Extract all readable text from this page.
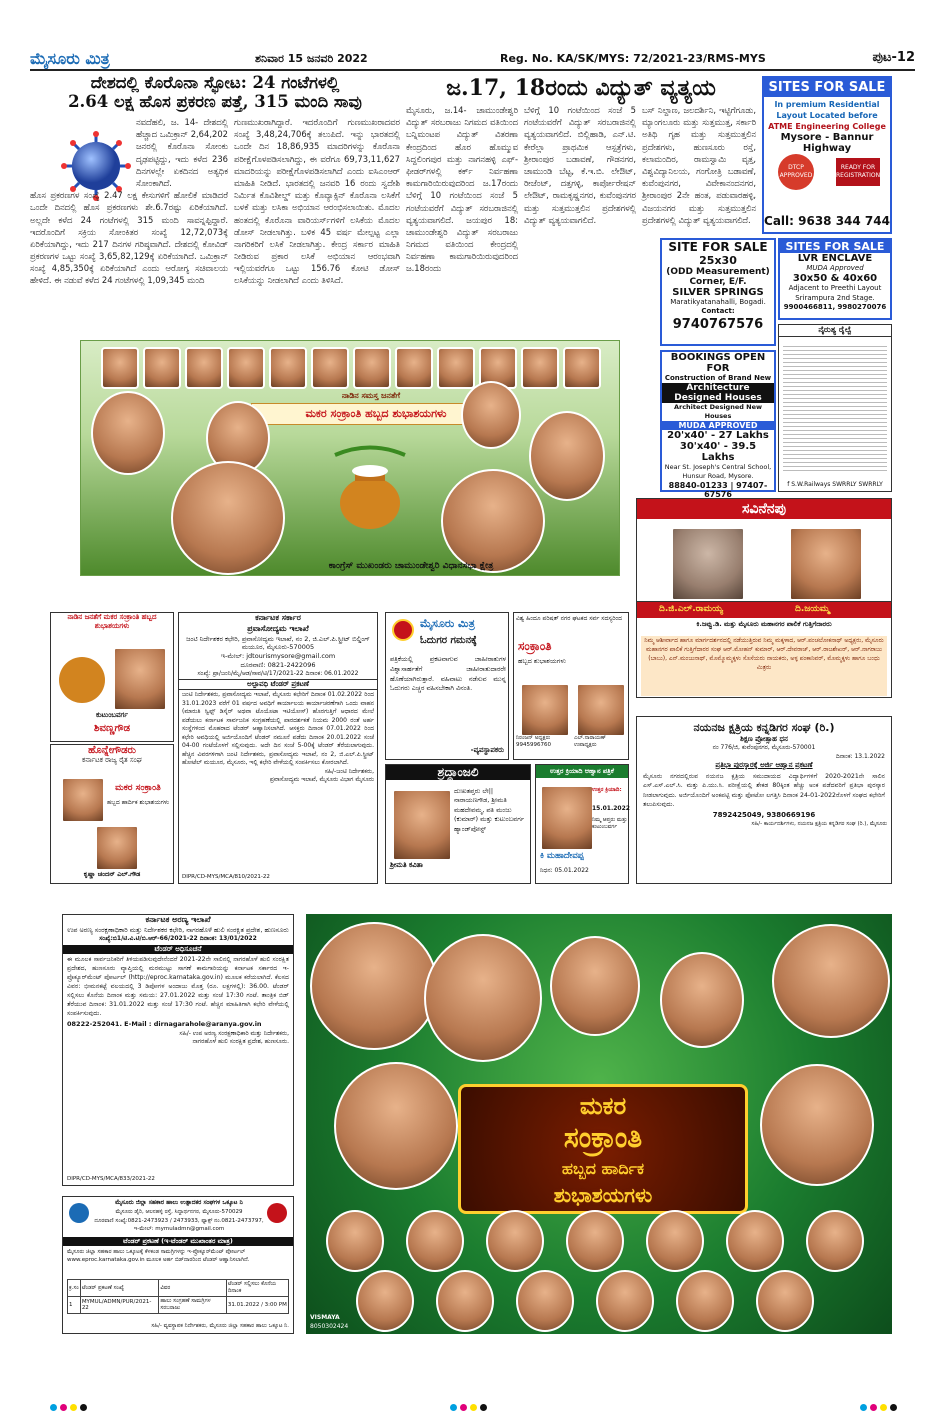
ಮೈಸೂರು ಮಿತ್ರ	ಶನಿವಾರ 15 ಜನವರಿ 2022	Reg. No. KA/SK/MYS: 72/2021-23/RMS-MYS	ಪುಟ-12
ದೇಶದಲ್ಲಿ ಕೊರೊನಾ ಸ್ಫೋಟ: 24 ಗಂಟೆಗಳಲ್ಲಿ
2.64 ಲಕ್ಷ ಹೊಸ ಪ್ರಕರಣ ಪತ್ತೆ, 315 ಮಂದಿ ಸಾವು
ನವದೆಹಲಿ, ಜ. 14- ದೇಶದಲ್ಲಿ ಹೆಚ್ಚಾದ ಒಮಿಕ್ರಾನ್ 2,64,202 ಜನರಲ್ಲಿ ಕೊರೊನಾ ಸೋಂಕು ದೃಢಪಟ್ಟಿದ್ದು, ಇದು ಕಳೆದ 236 ದಿನಗಳಲ್ಲೇ ಏಕದಿನದ ಅತ್ಯಧಿಕ ಸೋಂಕಾಗಿದೆ.
ಹೊಸ ಪ್ರಕರಣಗಳ ಸಂಖ್ಯೆ 2.47 ಲಕ್ಷ ಕೇಸುಗಳಿಗೆ ಹೋಲಿಕೆ ಮಾಡಿದರೆ ಒಂದೇ ದಿನದಲ್ಲಿ ಹೊಸ ಪ್ರಕರಣಗಳು ಶೇ.6.7ರಷ್ಟು ಏರಿಕೆಯಾಗಿದೆ. ಅಲ್ಲದೇ ಕಳೆದ 24 ಗಂಟೆಗಳಲ್ಲಿ 315 ಮಂದಿ ಸಾವನ್ನಪ್ಪಿದ್ದಾರೆ. ಇದರೊಂದಿಗೆ ಸಕ್ರಿಯ ಸೋಂಕಿತರ ಸಂಖ್ಯೆ 12,72,073ಕ್ಕೆ ಏರಿಕೆಯಾಗಿದ್ದು, ಇದು 217 ದಿನಗಳ ಗರಿಷ್ಠವಾಗಿದೆ. ದೇಶದಲ್ಲಿ ಕೋವಿಡ್ ಪ್ರಕರಣಗಳ ಒಟ್ಟು ಸಂಖ್ಯೆ 3,65,82,129ಕ್ಕೆ ಏರಿಕೆಯಾಗಿದೆ. ಒಮಿಕ್ರಾನ್ ಸಂಖ್ಯೆ 4,85,350ಕ್ಕೆ ಏರಿಕೆಯಾಗಿದೆ ಎಂದು ಆರೋಗ್ಯ ಸಚಿವಾಲಯ ಹೇಳಿದೆ. ಈ ನಡುವೆ ಕಳೆದ 24 ಗಂಟೆಗಳಲ್ಲಿ 1,09,345 ಮಂದಿ
ಗುಣಮುಖರಾಗಿದ್ದಾರೆ. ಇದರೊಂದಿಗೆ ಗುಣಮುಖರಾದವರ ಸಂಖ್ಯೆ 3,48,24,706ಕ್ಕೆ ತಲುಪಿದೆ. ಇನ್ನು ಭಾರತದಲ್ಲಿ ಒಂದೇ ದಿನ 18,86,935 ಮಾದರಿಗಳನ್ನು ಕೊರೊನಾ ಪರೀಕ್ಷೆಗೊಳಪಡಿಸಲಾಗಿದ್ದು, ಈ ವರೆಗೂ 69,73,11,627 ಮಾದರಿಯನ್ನು ಪರೀಕ್ಷೆಗೊಳಪಡಿಸಲಾಗಿದೆ ಎಂದು ಐಸಿಎಂಆರ್ ಮಾಹಿತಿ ನೀಡಿದೆ. ಭಾರತದಲ್ಲಿ ಜನವರಿ 16 ರಂದು ಸ್ವದೇಶಿ ನಿರ್ಮಿತ ಕೊವಿಶೀಲ್ಡ್ ಮತ್ತು ಕೊವ್ಯಾಕ್ಸಿನ್ ಕೊರೊನಾ ಲಸಿಕೆಗೆ ಬಳಕೆ ಮತ್ತು ಲಸಿಕಾ ಅಭಿಯಾನ ಆರಂಭಿಸಲಾಯಿತು. ಮೊದಲ ಹಂತದಲ್ಲಿ ಕೊರೊನಾ ವಾರಿಯರ್ಸ್‌ಗಳಿಗೆ ಲಸಿಕೆಯ ಮೊದಲ ಡೋಸ್ ನೀಡಲಾಗಿತ್ತು. ಬಳಿಕ 45 ವರ್ಷ ಮೇಲ್ಪಟ್ಟ ಎಲ್ಲಾ ನಾಗರಿಕರಿಗೆ ಲಸಿಕೆ ನೀಡಲಾಗಿತ್ತು. ಕೇಂದ್ರ ಸರ್ಕಾರ ಮಾಹಿತಿ ನೀಡಿರುವ ಪ್ರಕಾರ ಲಸಿಕೆ ಅಭಿಯಾನ ಆರಂಭವಾಗಿ ಇಲ್ಲಿಯವರೆಗೂ ಒಟ್ಟು 156.76 ಕೋಟಿ ಡೋಸ್ ಲಸಿಕೆಯನ್ನು ನೀಡಲಾಗಿದೆ ಎಂದು ತಿಳಿಸಿದೆ.
ಜ.17, 18ರಂದು ವಿದ್ಯುತ್ ವ್ಯತ್ಯಯ
ಮೈಸೂರು, ಜ.14- ಚಾಮುಂಡೇಶ್ವರಿ ವಿದ್ಯುತ್ ಸರಬರಾಜು ನಿಗಮದ ವತಿಯಿಂದ ಬನ್ನಿಮಂಟಪ ವಿದ್ಯುತ್ ವಿತರಣಾ ಕೇಂದ್ರದಿಂದ ಹೊರ ಹೊಮ್ಮುವ ಸಿದ್ದಲಿಂಗಪುರ ಮತ್ತು ನಾಗನಹಳ್ಳಿ ಎಫ್-ಫೀಡರ್‌ಗಳಲ್ಲಿ ಕರ್ಕ್ ನಿರ್ವಹಣಾ ಕಾಮಗಾರಿಯಿರುವುದರಿಂದ ಜ.17ರಂದು ಬೆಳಿಗ್ಗೆ 10 ಗಂಟೆಯಿಂದ ಸಂಜೆ 5 ಗಂಟೆಯವರೆಗೆ ವಿದ್ಯುತ್ ಸರಬರಾಜಿನಲ್ಲಿ ವ್ಯತ್ಯಯವಾಗಲಿದೆ. ಜಯಪುರ 18: ಚಾಮುಂಡೇಶ್ವರಿ ವಿದ್ಯುತ್ ಸರಬರಾಜು ನಿಗಮದ ವತಿಯಿಂದ ಕೇಂದ್ರದಲ್ಲಿ ನಿರ್ವಹಣಾ ಕಾಮಗಾರಿಯಿರುವುದರಿಂದ ಜ.18ರಂದು
ಬೆಳಿಗ್ಗೆ 10 ಗಂಟೆಯಿಂದ ಸಂಜೆ 5 ಗಂಟೆಯವರೆಗೆ ವಿದ್ಯುತ್ ಸರಬರಾಜಿನಲ್ಲಿ ವ್ಯತ್ಯಯವಾಗಲಿದೆ. ಬಿಲ್ಲಿಹಾಡಿ, ಎನ್.ಟಿ. ಕೇರೆಲ್ಲಾ ಪ್ರಾಥಮಿಕ ಆಸ್ಪತ್ರೆಗಳು, ಶ್ರೀರಾಂಪುರ ಬಡಾವಣೆ, ಗೌಡನಗರ, ಚಾಮುಂಡಿ ಬೆಟ್ಟ, ಕೆ.ಇ.ಬಿ. ಲೇಔಟ್, ರೀಜೆಂಟ್, ದತ್ತಗಳ್ಳಿ, ಕಾರ್ಪೋರೇಷನ್ ಲೇಔಟ್, ರಾಮಕೃಷ್ಣನಗರ, ಕುವೆಂಪುನಗರ ಮತ್ತು ಸುತ್ತಮುತ್ತಲಿನ ಪ್ರದೇಶಗಳಲ್ಲಿ ವಿದ್ಯುತ್ ವ್ಯತ್ಯಯವಾಗಲಿದೆ.
ಬಸ್ ನಿಲ್ದಾಣ, ಜಲದರ್ಶಿನಿ, ಇಟ್ಟಿಗೆಗೂಡು, ಮ್ಯಾಂಗಲೂರು ಮತ್ತು ಸುತ್ತಮುತ್ತ, ಸರ್ಕಾರಿ ಅತಿಥಿ ಗೃಹ ಮತ್ತು ಸುತ್ತಮುತ್ತಲಿನ ಪ್ರದೇಶಗಳು, ಹುಣಸೂರು ರಸ್ತೆ, ಕಲಾಮಂದಿರ, ರಾಮಸ್ವಾಮಿ ವೃತ್ತ, ವಿಶ್ವವಿದ್ಯಾನಿಲಯ, ಗಂಗೋತ್ರಿ ಬಡಾವಣೆ, ಕುವೆಂಪುನಗರ, ವಿವೇಕಾನಂದನಗರ, ಶ್ರೀರಾಂಪುರ 2ನೇ ಹಂತ, ಪಡುವಾರಹಳ್ಳಿ, ವಿಜಯನಗರ ಮತ್ತು ಸುತ್ತಮುತ್ತಲಿನ ಪ್ರದೇಶಗಳಲ್ಲಿ ವಿದ್ಯುತ್ ವ್ಯತ್ಯಯವಾಗಲಿದೆ.
SITES FOR SALE
In premium Residential
Layout Located before
ATME Engineering College
Mysore - Bannur Highway
DTCP APPROVED
READY FOR REGISTRATION
Call: 9638 344 744
SITE FOR SALE
25x30
(ODD Measurement)
Corner, E/F.
SILVER SPRINGS
Maratikyatanahalli, Bogadi.
Contact:
9740767576
SITES FOR SALE
LVR ENCLAVE
MUDA Approved
30x50 & 40x60
Adjacent to Preethi Layout
Srirampura 2nd Stage.
9900466811, 9980270076
ನೈರುತ್ಯ ರೈಲ್ವೆ
f S.W.Railways SWRRLY SWRRLY
BOOKINGS OPEN FOR
Construction of Brand New
Architecture
Designed Houses
Architect Designed New Houses
MUDA APPROVED
20'x40' - 27 Lakhs
30'x40' - 39.5 Lakhs
Near St. Joseph's Central School, Hunsur Road, Mysore.
88840-01233 | 97407-67576
ನಾಡಿನ ಸಮಸ್ತ ಜನತೆಗೆ
ಮಕರ ಸಂಕ್ರಾಂತಿ ಹಬ್ಬದ ಶುಭಾಶಯಗಳು
ಕಾಂಗ್ರೆಸ್ ಮುಖಂಡರು ಚಾಮುಂಡೇಶ್ವರಿ ವಿಧಾನಸಭಾ ಕ್ಷೇತ್ರ
ಸವಿನೆನಪು
ದಿ.ಜಿ.ಎಲ್.ರಾಮಯ್ಯ	ದಿ.ಜಯಮ್ಮ
ಕಿ.ಜವ್ವು.ಡಿ. ಮತ್ತು ಮೈಸೂರು ಮಹಾನಗರ ಪಾಲಿಕೆ ಗುತ್ತಿಗೆದಾರರು
ನಿಮ್ಮ ಆಶೀರ್ವಾದ ಹಾಗೂ ಮಾರ್ಗದರ್ಶನದಲ್ಲಿ ನಡೆಯುತ್ತಿರುವ ನಿಮ್ಮ ಮಕ್ಕಳಾದ, ಆರ್.ಪಂಚಲೋಕನಾಥ್ ಅಧ್ಯಕ್ಷರು, ಮೈಸೂರು ಮಹಾನಗರ ಪಾಲಿಕೆ ಗುತ್ತಿಗೆದಾರರ ಸಂಘ ಆರ್.ಮೋಹನ್ ಕುಮಾರ್, ಆರ್.ದೇವರಾಜ್, ಆರ್.ರಾಜಶೇಖರ್, ಆರ್.ನಾಗರಾಜು (ಬಾಬು), ಎನ್.ಮಂಜುನಾಥ್, ಮೊಮ್ಮೊಮ್ಮಕ್ಕಳು ಸೊಸೆಯರು ನಾಯಕರು, ಅಳ್ಳ ಪಂಕಾನಿವರ್, ಮೊಮ್ಮಕ್ಕಳು ಹಾಗೂ ಬಂಧು ಮಿತ್ರರು
ನಾಡಿನ ಜನತೆಗೆ ಮಕರ ಸಂಕ್ರಾಂತಿ ಹಬ್ಬದ ಶುಭಾಶಯಗಳು
ಕುಟುಂಬವರ್ಗ
ಶಿವಣ್ಣಗೌಡ
ಹೊನ್ನೇಗೌಡರು
ಕರ್ನಾಟಕ ರಾಜ್ಯ ರೈತ ಸಂಘ
ಮಕರ ಸಂಕ್ರಾಂತಿ
ಹಬ್ಬದ ಹಾರ್ದಿಕ ಶುಭಾಶಯಗಳು
ಕೃಷ್ಣಾ ಚಂದನ್ ಎಲ್.ಗೌಡ
ಕರ್ನಾಟಕ ಸರ್ಕಾರ
ಪ್ರವಾಸೋದ್ಯಮ ಇಲಾಖೆ
ಜಂಟಿ ನಿರ್ದೇಶಕರ ಕಛೇರಿ, ಪ್ರವಾಸೋದ್ಯಮ ಇಲಾಖೆ, ನಂ 2, ಜಿ.ಎಲ್.ಪಿ.ಸ್ಟ್ರೀಟ್ ಬಿಲ್ಡಿಂಗ್ ಮಯೂರ, ಮೈಸೂರು-570005
ಇ-ಮೇಲ್: jdtourismysore@gmail.com
ದೂರವಾಣಿ: 0821-2422096
ಸಂಖ್ಯೆ: ಪ್ರಾ/ಜಂನಿ/ಮೈ/ಆಡ/ಸಾವ/ಟಿ/17/2021-22 ದಿನಾಂಕ: 06.01.2022
ಅಲ್ಪಾವಧಿ ಟೆಂಡರ್ ಪ್ರಕಟಣೆ
ಜಂಟಿ ನಿರ್ದೇಶಕರು, ಪ್ರವಾಸೋದ್ಯಮ ಇಲಾಖೆ, ಮೈಸೂರು ಕಛೇರಿಗೆ ದಿನಾಂಕ 01.02.2022 ರಿಂದ 31.01.2023 ವರೆಗೆ 01 ವರ್ಷದ ಅವಧಿಗೆ ಕಾರ್ಯಾಲಯ ಕಾರ್ಯಾಚರಣೆಗಾಗಿ ಒಂದು ವಾಹನ (ಮಾರುತಿ ಸ್ವಿಫ್ಟ್ ಡಿಸೈರ್ ಅಥವಾ ಟೊಯೊಟಾ ಇಟಿಯೋಸ್) ಹೊರಗುತ್ತಿಗೆ ಆಧಾರದ ಮೇಲೆ ಪಡೆಯಲು ಕರ್ನಾಟಕ ಸಾರ್ವಜನಿಕ ಸಂಗ್ರಹಣೆಯಲ್ಲಿ ಪಾರದರ್ಶಕತೆ ನಿಯಮ 2000 ರಂತೆ ಅರ್ಹ ಸಂಸ್ಥೆಗಳಿಂದ ಮೊಹರಾದ ಟೆಂಡರ್ ಆಹ್ವಾನಿಸಲಾಗಿದೆ. ಆಸಕ್ತರು ದಿನಾಂಕ 07.01.2022 ರಿಂದ ಕಛೇರಿ ಅವಧಿಯಲ್ಲಿ ಅರ್ಜಿಯೊಂದಿಗೆ ಟೆಂಡರ್ ನಮೂನೆ ಪಡೆದು ದಿನಾಂಕ 20.01.2022 ಸಂಜೆ 04-00 ಗಂಟೆಯೊಳಗೆ ಸಲ್ಲಿಸುವುದು. ಅದೇ ದಿನ ಸಂಜೆ 5-00ಕ್ಕೆ ಟೆಂಡರ್ ತೆರೆಯಲಾಗುವುದು. ಹೆಚ್ಚಿನ ವಿವರಗಳಿಗಾಗಿ ಜಂಟಿ ನಿರ್ದೇಶಕರು, ಪ್ರವಾಸೋದ್ಯಮ ಇಲಾಖೆ, ನಂ 2, ಜಿ.ಎಲ್.ಪಿ.ಸ್ಟ್ರೀಟ್ ಹೋಟೆಲ್ ಮಯೂರ, ಮೈಸೂರು, ಇಲ್ಲಿ ಕಛೇರಿ ವೇಳೆಯಲ್ಲಿ ಸಂಪರ್ಕಿಸಲು ಕೋರಲಾಗಿದೆ.
ಸಹಿ/-ಜಂಟಿ ನಿರ್ದೇಶಕರು,
ಪ್ರವಾಸೋದ್ಯಮ ಇಲಾಖೆ, ಮೈಸೂರು ವಿಭಾಗ ಮೈಸೂರು
DIPR/CD-MYS/MCA/810/2021-22
ಮೈಸೂರು ಮಿತ್ರ
ಓದುಗರ ಗಮನಕ್ಕೆ
ಪತ್ರಿಕೆಯಲ್ಲಿ ಪ್ರಕಟವಾಗುವ ಜಾಹೀರಾತುಗಳ ವಿಶ್ವಾಸಾರ್ಹತೆಗೆ ಜಾಹೀರಾತುದಾರರೇ ಹೊಣೆಯಾಗಿರುತ್ತಾರೆ. ವಹಿವಾಟು ನಡೆಸುವ ಮುನ್ನ ಓದುಗರು ಎಚ್ಚರ ವಹಿಸಬೇಕಾಗಿ ವಿನಂತಿ.
-ವ್ಯವಸ್ಥಾಪಕರು
ವಿಶ್ವ ಹಿಂದೂ ಪರಿಷತ್ ನಗರ ಘಟಕದ ಸರ್ವ ಸದಸ್ಯರಿಂದ
ಸಂಕ್ರಾಂತಿ
ಹಬ್ಬದ ಶುಭಾಶಯಗಳು
ನಿರಂಜನ್ ಅಧ್ಯಕ್ಷರು 9945996760
ಎಲ್.ನಾರಾಯಣ್ ಉಪಾಧ್ಯಕ್ಷರು
ಶ್ರದ್ಧಾಂಜಲಿ
ದುಃಖತಪ್ತರು ಲೇ|| ನಾರಾಯಣಗೌಡ, ಶ್ರೀಮತಿ ಮಹದೇವಮ್ಮ, ಪತಿ ಮಂಜು (ಕುಮಾರ್) ಮತ್ತು ಕುಟುಂಬವರ್ಗ ಹ್ಯಾಂಡ್‌ಪೋಸ್ಟ್
ಶ್ರೀಮತಿ ಕವಿತಾ
ಉತ್ತರ ಕ್ರಿಯಾದಿ ಆಹ್ವಾನ ಪತ್ರಿಕೆ
ಉತ್ತರ ಕ್ರಿಯಾದಿ:
15.01.2022
ನಿಮ್ಮ ಆಪ್ತರು ಮತ್ತು ಕುಟುಂಬವರ್ಗ
ಕಿ ಮಹಾದೇವಪ್ಪ
ನಿಧನ: 05.01.2022
ನಯನಜ ಕ್ಷತ್ರಿಯ ಕನ್ನಡಿಗರ ಸಂಘ (ರಿ.)
ಶಿಕ್ಷಣ ಪ್ರೋತ್ಸಾಹ ಧನ
ನಂ 776/ಜಿ, ಕುವೆಂಪುನಗರ, ಮೈಸೂರು-570001
ದಿನಾಂಕ: 13.1.2022
ಪ್ರತಿಭಾ ಪುರಸ್ಕಾರಕ್ಕೆ ಅರ್ಜಿ ಆಹ್ವಾನ ಪ್ರಕಟಣೆ
ಮೈಸೂರು ನಗರದಲ್ಲಿರುವ ನಯನಜ ಕ್ಷತ್ರಿಯ ಸಮುದಾಯದ ವಿದ್ಯಾರ್ಥಿಗಳಿಗೆ 2020-2021ನೇ ಸಾಲಿನ ಎಸ್.ಎಸ್.ಎಲ್.ಸಿ. ಮತ್ತು ಪಿ.ಯು.ಸಿ. ಪರೀಕ್ಷೆಯಲ್ಲಿ ಶೇಕಡ 80ಕ್ಕಿಂತ ಹೆಚ್ಚು ಅಂಕ ಪಡೆದವರಿಗೆ ಪ್ರತಿಭಾ ಪುರಸ್ಕಾರ ನೀಡಲಾಗುವುದು. ಅರ್ಜಿಯೊಂದಿಗೆ ಅಂಕಪಟ್ಟಿ ಮತ್ತು ಫೋಟೋ ಲಗತ್ತಿಸಿ ದಿನಾಂಕ 24-01-2022ರೊಳಗೆ ಸಂಘದ ಕಛೇರಿಗೆ ತಲುಪಿಸುವುದು.
7892425049, 9380669196
ಸಹಿ/- ಕಾರ್ಯದರ್ಶಿಗಳು, ನಯನಜ ಕ್ಷತ್ರಿಯ ಕನ್ನಡಿಗರ ಸಂಘ (ರಿ.), ಮೈಸೂರು
ಕರ್ನಾಟಕ ಅರಣ್ಯ ಇಲಾಖೆ
ಉಪ ಅರಣ್ಯ ಸಂರಕ್ಷಣಾಧಿಕಾರಿ ಮತ್ತು ನಿರ್ದೇಶಕರ ಕಛೇರಿ, ನಾಗರಹೊಳೆ ಹುಲಿ ಸಂರಕ್ಷಿತ ಪ್ರದೇಶ, ಹುಣಸೂರು
ಸಂಖ್ಯೆ:ಬಿ1/ಟಿ.ವಿ.ಟಿ/ಬಿ.ಆರ್-66/2021-22 ದಿನಾಂಕ: 13/01/2022
ಟೆಂಡರ್ ಅಧಿಸೂಚನೆ
ಈ ಮೂಲಕ ಸಾರ್ವಜನಿಕರಿಗೆ ತಿಳಿಯಪಡಿಸುವುದೇನೆಂದರೆ 2021-22ನೇ ಸಾಲಿನಲ್ಲಿ ನಾಗರಹೊಳೆ ಹುಲಿ ಸಂರಕ್ಷಿತ ಪ್ರದೇಶದ, ಹುಣಸೂರು ವ್ಯಾಪ್ತಿಯಲ್ಲಿ ಮರಮುಟ್ಟು ಸಾಗಣೆ ಕಾಮಗಾರಿಯನ್ನು ಕರ್ನಾಟಕ ಸರ್ಕಾರದ ಇ-ಪ್ರೊಕ್ಯೂರ್‌ಮೆಂಟ್ ಪೋರ್ಟಲ್ (http://eproc.karnataka.gov.in) ಮೂಲಕ ಕರೆಯಲಾಗಿದೆ. ಕೆಲಸದ ವಿವರ: ಭೀಮನಕಟ್ಟೆ ವಲಯದಲ್ಲಿ 3 ಡಿಪೋಗಳ ಅಂದಾಜು ಮೊತ್ತ (ರೂ. ಲಕ್ಷಗಳಲ್ಲಿ): 36.00. ಟೆಂಡರ್ ಸಲ್ಲಿಸಲು ಕೊನೆಯ ದಿನಾಂಕ ಮತ್ತು ಸಮಯ: 27.01.2022 ಮತ್ತು ಸಂಜೆ 17:30 ಗಂಟೆ. ತಾಂತ್ರಿಕ ಬಿಡ್ ತೆರೆಯುವ ದಿನಾಂಕ: 31.01.2022 ಮತ್ತು ಸಂಜೆ 17:30 ಗಂಟೆ. ಹೆಚ್ಚಿನ ಮಾಹಿತಿಗಾಗಿ ಕಛೇರಿ ವೇಳೆಯಲ್ಲಿ ಸಂಪರ್ಕಿಸುವುದು.
08222-252041. E-Mail : dirnagarahole@aranya.gov.in
ಸಹಿ/- ಉಪ ಅರಣ್ಯ ಸಂರಕ್ಷಣಾಧಿಕಾರಿ ಮತ್ತು ನಿರ್ದೇಶಕರು,
ನಾಗರಹೊಳೆ ಹುಲಿ ಸಂರಕ್ಷಿತ ಪ್ರದೇಶ, ಹುಣಸೂರು.
DIPR/CD-MYS/MCA/833/2021-22
ಮೈಸೂರು ಜಿಲ್ಲಾ ಸಹಕಾರ ಹಾಲು ಉತ್ಪಾದಕರ ಸಂಘಗಳ ಒಕ್ಕೂಟ ನಿ
ಮೈಸೂರು ಡೈರಿ, ಆಲನಹಳ್ಳಿ ರಸ್ತೆ, ಸಿದ್ದಾರ್ಥನಗರ, ಮೈಸೂರು-570029
ದೂರವಾಣಿ ಸಂಖ್ಯೆ:0821-2473923 / 2473933, ಫ್ಯಾಕ್ಸ್ ನಂ.0821-2473797,
ಇ-ಮೇಲ್: mymuladmn@gmail.com
ಟೆಂಡರ್ ಪ್ರಕಟಣೆ (ಇ-ಟೆಂಡರ್ ಮುಖಾಂತರ ಮಾತ್ರ)
ಮೈಸೂರು ಜಿಲ್ಲಾ ಸಹಕಾರ ಹಾಲು ಒಕ್ಕೂಟಕ್ಕೆ ಕೆಳಕಂಡ ಸಾಮಗ್ರಿಗಳನ್ನು ಇ-ಪ್ರೊಕ್ಯೂರ್‌ಮೆಂಟ್ ಪೋರ್ಟಲ್ www.eproc.karnataka.gov.in ಮೂಲಕ ಅರ್ಹ ಬಿಡ್‌ದಾರರಿಂದ ಟೆಂಡರ್ ಆಹ್ವಾನಿಸಲಾಗಿದೆ.
ಕ್ರ.ಸಂ	ಟೆಂಡರ್ ಪ್ರಕಟಣೆ ಸಂಖ್ಯೆ	ವಿವರ	ಟೆಂಡರ್ ಸಲ್ಲಿಸಲು ಕೊನೆಯ ದಿನಾಂಕ
1	MYMUL/ADMN/PUR/2021-22	ಹಾಲು ಸಂಗ್ರಹಣೆ ಸಾಮಗ್ರಿಗಳ ಸರಬರಾಜು	31.01.2022 / 3:00 PM
ಸಹಿ/- ವ್ಯವಸ್ಥಾಪಕ ನಿರ್ದೇಶಕರು, ಮೈಸೂರು ಜಿಲ್ಲಾ ಸಹಕಾರ ಹಾಲು ಒಕ್ಕೂಟ ನಿ.
ಮಕರ
ಸಂಕ್ರಾಂತಿ
ಹಬ್ಬದ ಹಾರ್ದಿಕ
ಶುಭಾಶಯಗಳು
VISMAYA
8050302424
